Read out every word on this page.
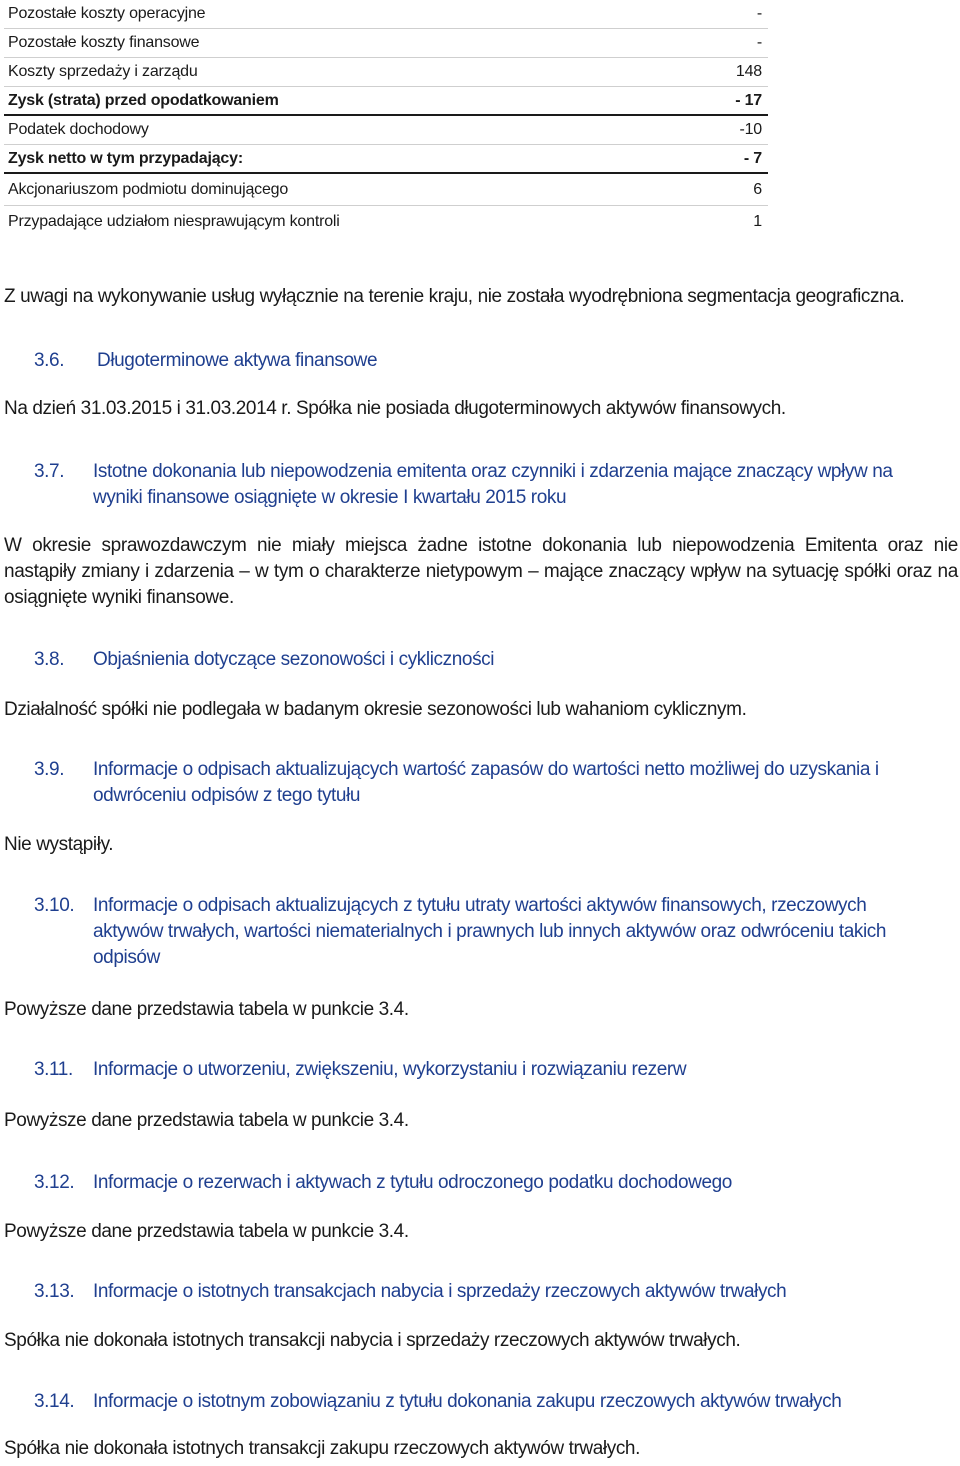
Pozostałe koszty operacyjne	-
Pozostałe koszty finansowe	-
Koszty sprzedaży i zarządu	148
Zysk (strata) przed opodatkowaniem	- 17
Podatek dochodowy	-10
Zysk netto w tym przypadający:	- 7
Akcjonariuszom podmiotu dominującego	6
Przypadające udziałom niesprawującym kontroli	1
Z uwagi na wykonywanie usług wyłącznie na terenie kraju, nie została wyodrębniona segmentacja geograficzna.
3.6. Długoterminowe aktywa finansowe
Na dzień 31.03.2015 i 31.03.2014 r. Spółka nie posiada długoterminowych aktywów finansowych.
3.7. Istotne dokonania lub niepowodzenia emitenta oraz czynniki i zdarzenia mające znaczący wpływ na wyniki finansowe osiągnięte w okresie I kwartału 2015 roku
W okresie sprawozdawczym nie miały miejsca żadne istotne dokonania lub niepowodzenia Emitenta oraz nie nastąpiły zmiany i zdarzenia – w tym o charakterze nietypowym – mające znaczący wpływ na sytuację spółki oraz na osiągnięte wyniki finansowe.
3.8. Objaśnienia dotyczące sezonowości i cykliczności
Działalność spółki nie podlegała w badanym okresie sezonowości lub wahaniom cyklicznym.
3.9. Informacje o odpisach aktualizujących wartość zapasów do wartości netto możliwej do uzyskania i odwróceniu odpisów z tego tytułu
Nie wystąpiły.
3.10. Informacje o odpisach aktualizujących z tytułu utraty wartości aktywów finansowych, rzeczowych aktywów trwałych, wartości niematerialnych i prawnych lub innych aktywów oraz odwróceniu takich odpisów
Powyższe dane przedstawia tabela w punkcie 3.4.
3.11. Informacje o utworzeniu, zwiększeniu, wykorzystaniu i rozwiązaniu rezerw
Powyższe dane przedstawia tabela w punkcie 3.4.
3.12. Informacje o rezerwach i aktywach z tytułu odroczonego podatku dochodowego
Powyższe dane przedstawia tabela w punkcie 3.4.
3.13. Informacje o istotnych transakcjach nabycia i sprzedaży rzeczowych aktywów trwałych
Spółka nie dokonała istotnych transakcji nabycia i sprzedaży rzeczowych aktywów trwałych.
3.14. Informacje o istotnym zobowiązaniu z tytułu dokonania zakupu rzeczowych aktywów trwałych
Spółka nie dokonała istotnych transakcji zakupu rzeczowych aktywów trwałych.
